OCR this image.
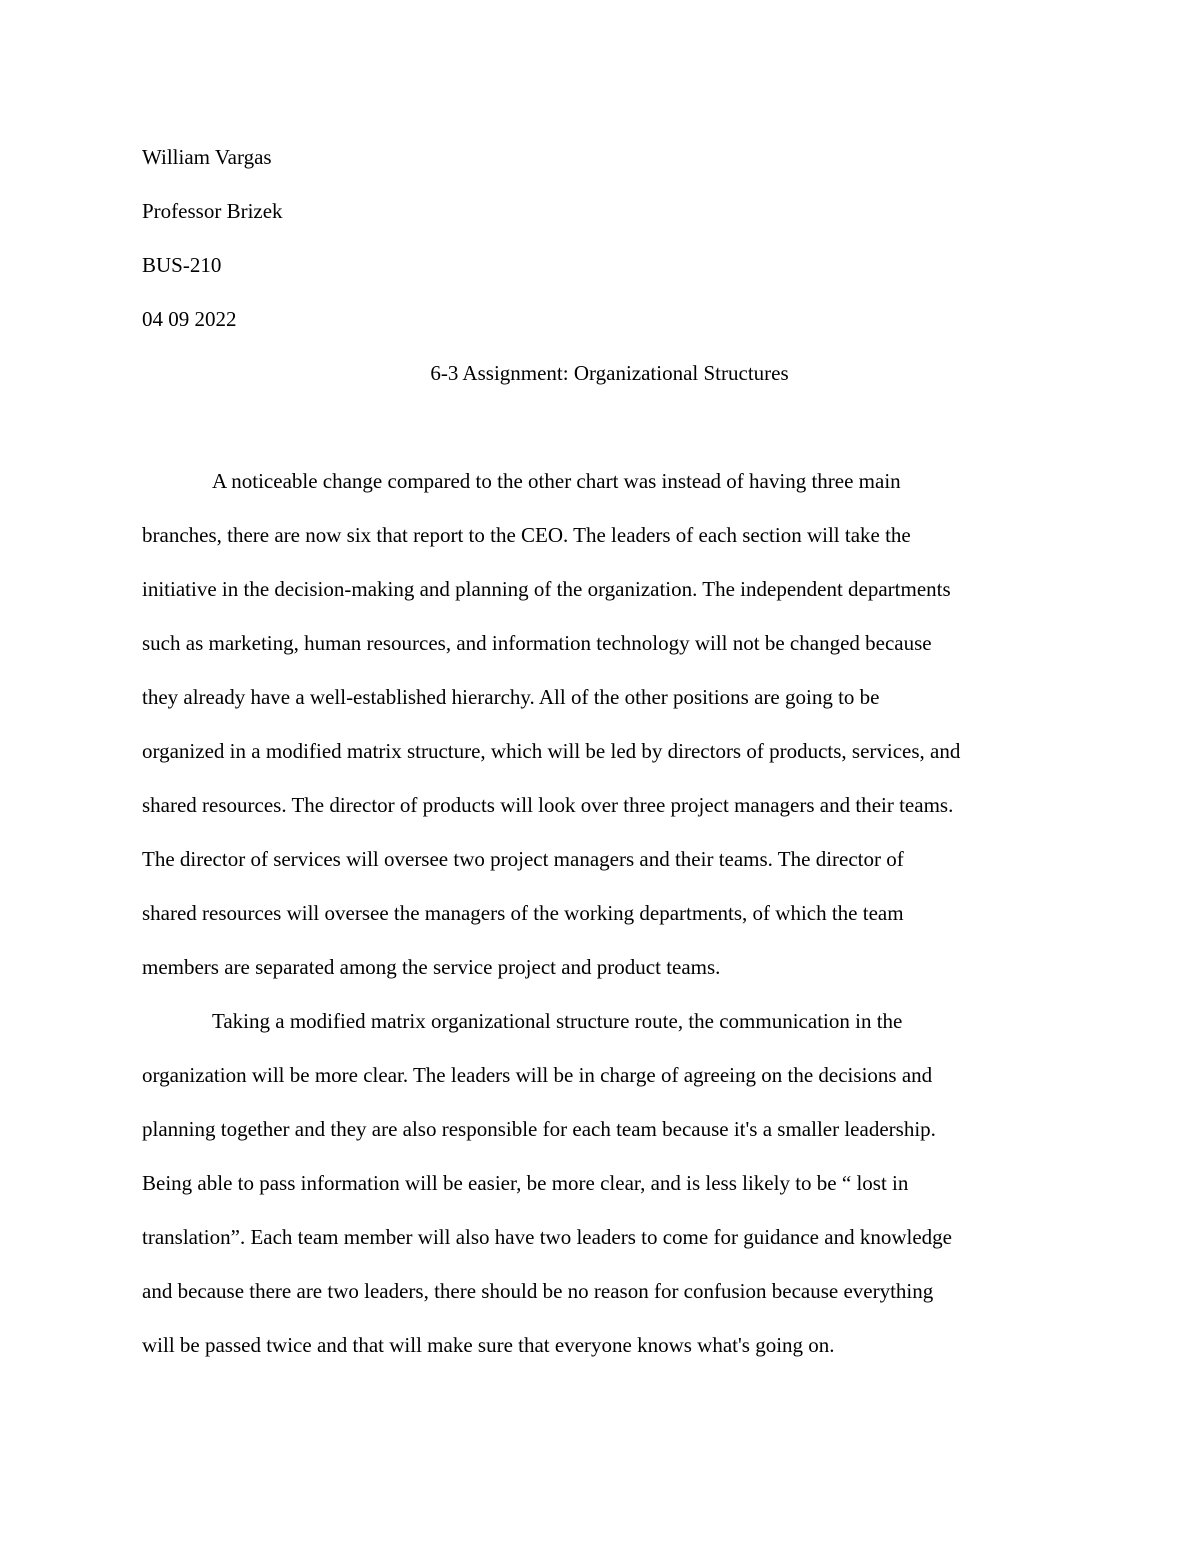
William Vargas
Professor Brizek
BUS-210
04 09 2022
6-3 Assignment: Organizational Structures
A noticeable change compared to the other chart was instead of having three main
branches, there are now six that report to the CEO. The leaders of each section will take the
initiative in the decision-making and planning of the organization. The independent departments
such as marketing, human resources, and information technology will not be changed because
they already have a well-established hierarchy. All of the other positions are going to be
organized in a modified matrix structure, which will be led by directors of products, services, and
shared resources. The director of products will look over three project managers and their teams.
The director of services will oversee two project managers and their teams. The director of
shared resources will oversee the managers of the working departments, of which the team
members are separated among the service project and product teams.
Taking a modified matrix organizational structure route, the communication in the
organization will be more clear. The leaders will be in charge of agreeing on the decisions and
planning together and they are also responsible for each team because it's a smaller leadership.
Being able to pass information will be easier, be more clear, and is less likely to be “ lost in
translation”. Each team member will also have two leaders to come for guidance and knowledge
and because there are two leaders, there should be no reason for confusion because everything
will be passed twice and that will make sure that everyone knows what's going on.
